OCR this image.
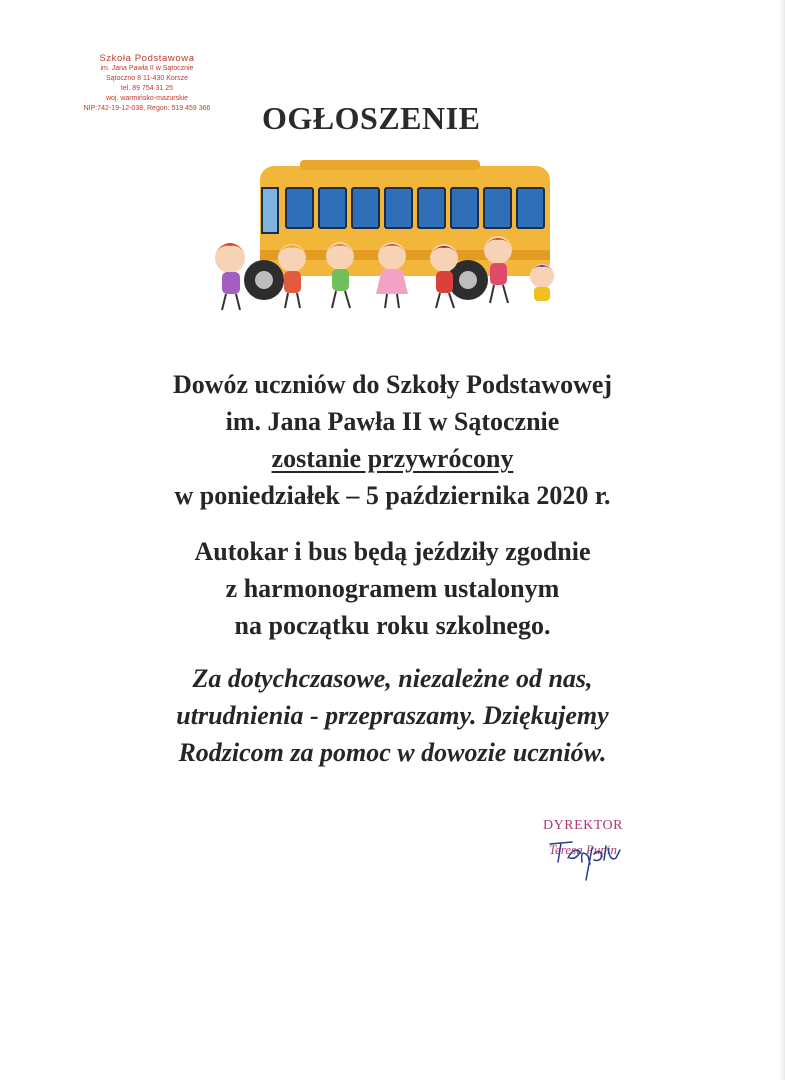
Szkoła Podstawowa
im. Jana Pawła II w Sątocznie
Sątoczno 8 11-430 Korsze
tel. 89 754 31 25
woj. warmińsko-mazurskie
NIP:742-19-12-038, Regon: 519 459 366	OGŁOSZENIE
Dowóz uczniów do Szkoły Podstawowej
im. Jana Pawła II w Sątocznie
zostanie przywrócony
w poniedziałek – 5 października 2020 r.
Autokar i bus będą jeździły zgodnie
z harmonogramem ustalonym
na początku roku szkolnego.
Za dotychczasowe, niezależne od nas,
utrudnienia - przepraszamy. Dziękujemy
Rodzicom za pomoc w dowozie uczniów.
DYREKTOR
Teresa Pupin
